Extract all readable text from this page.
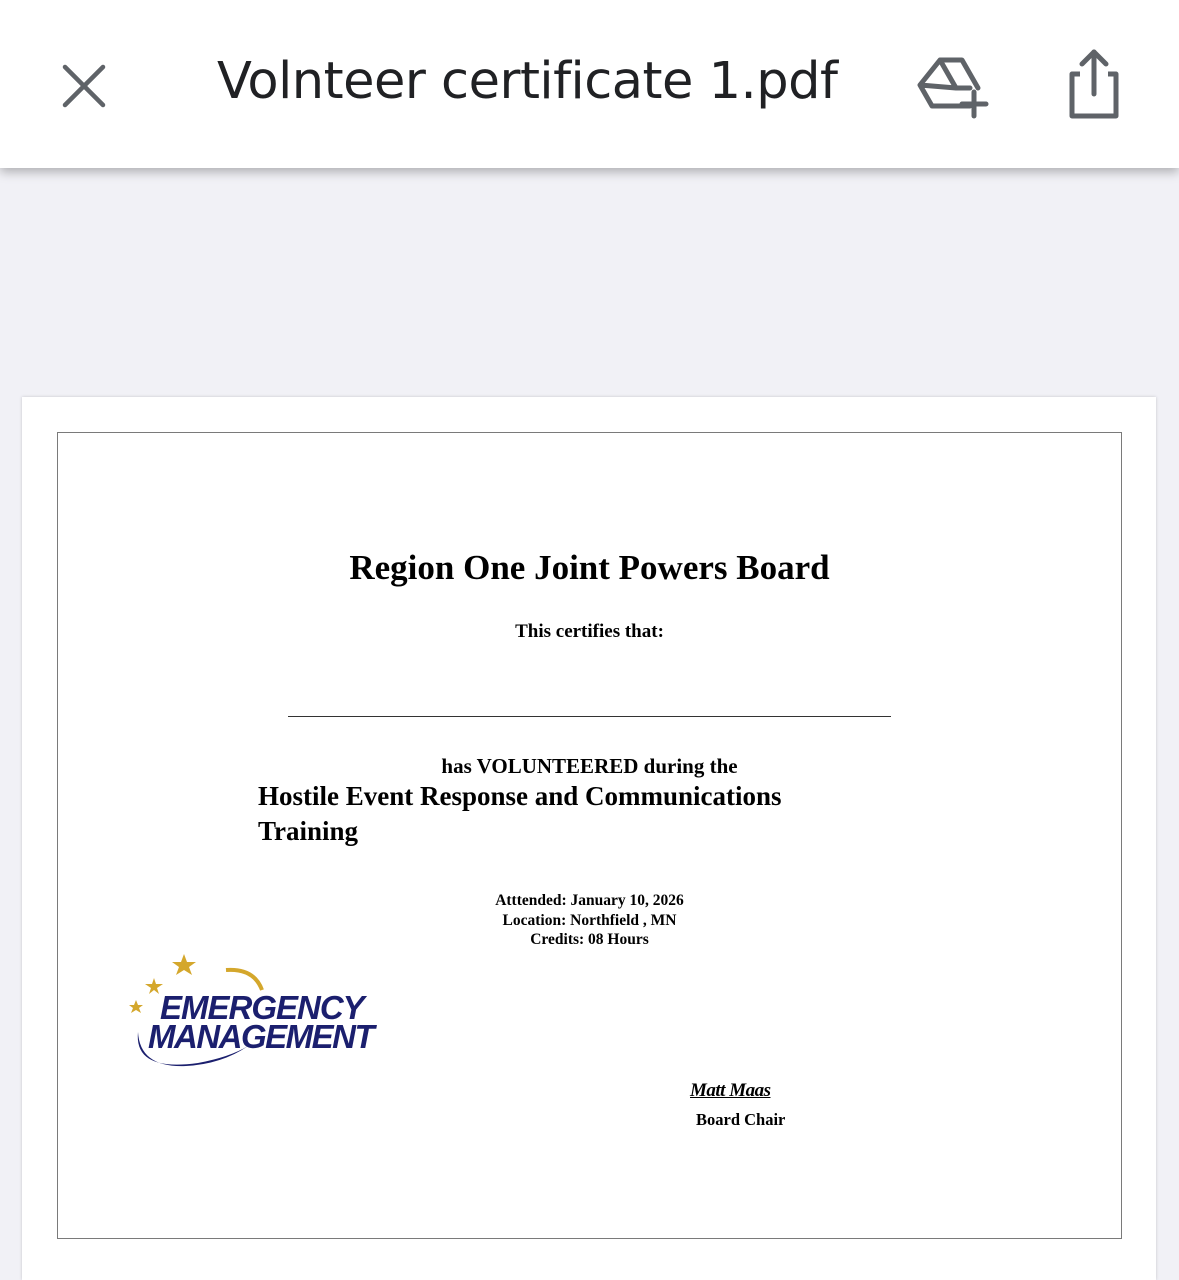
Volnteer certificate 1.pdf
Region One Joint Powers Board
This certifies that:
has VOLUNTEERED during the
Hostile Event Response and Communications
Training
Atttended: January 10, 2026
Location: Northfield , MN
Credits: 08 Hours
EMERGENCY
MANAGEMENT
Matt Maas
Board Chair
